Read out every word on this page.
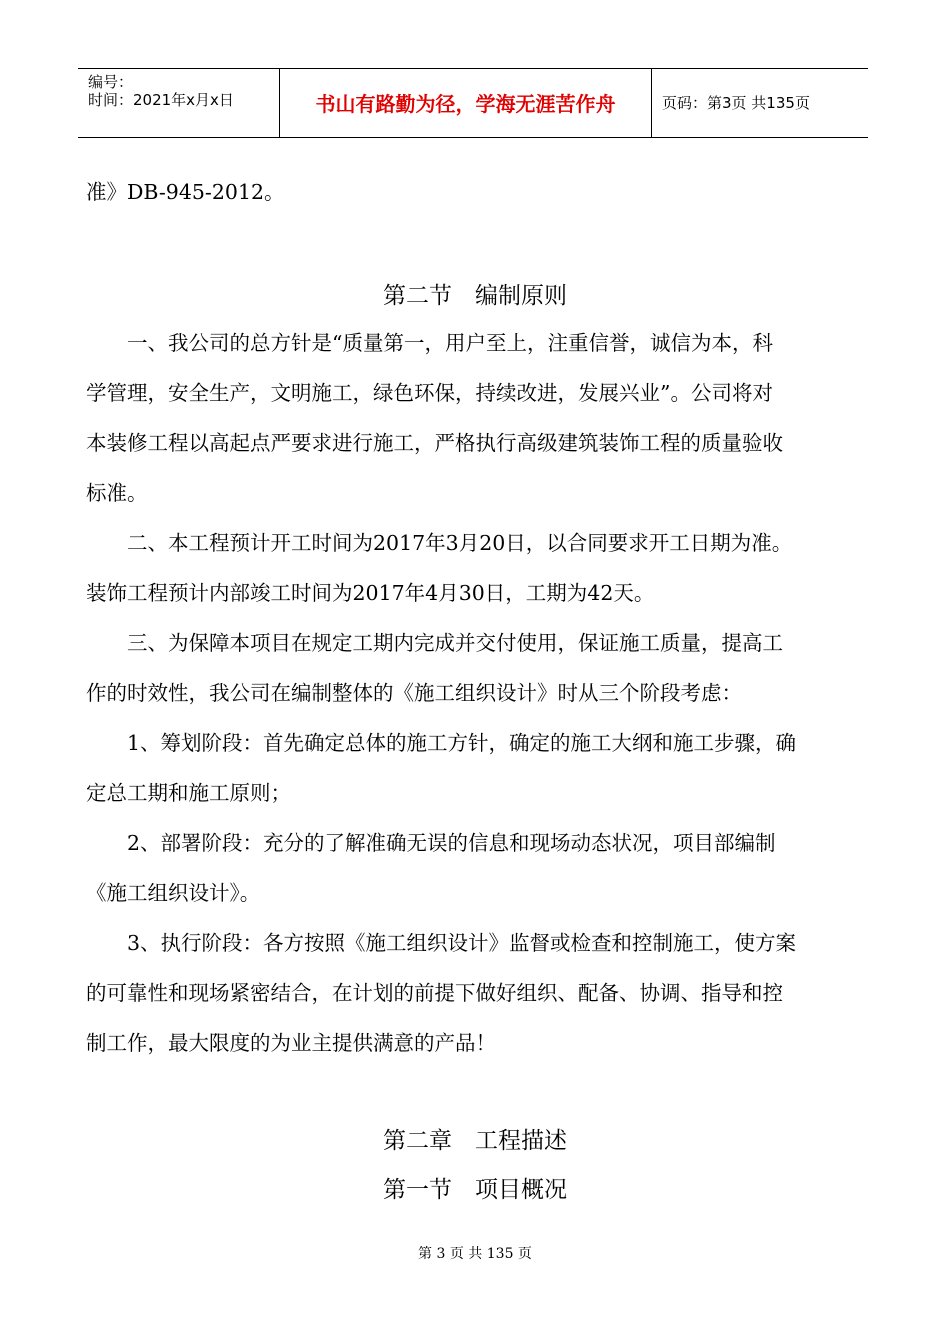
编号：
时间：2021年x月x日	书山有路勤为径，学海无涯苦作舟	页码：第3页 共135页
准》DB-945-2012。
第二节　编制原则
　　一、我公司的总方针是“质量第一，用户至上，注重信誉，诚信为本，科
学管理，安全生产，文明施工，绿色环保，持续改进，发展兴业”。公司将对
本装修工程以高起点严要求进行施工，严格执行高级建筑装饰工程的质量验收
标准。
　　二、本工程预计开工时间为2017年3月20日，以合同要求开工日期为准。
装饰工程预计内部竣工时间为2017年4月30日，工期为42天。
　　三、为保障本项目在规定工期内完成并交付使用，保证施工质量，提高工
作的时效性，我公司在编制整体的《施工组织设计》时从三个阶段考虑：
　　1、筹划阶段：首先确定总体的施工方针，确定的施工大纲和施工步骤，确
定总工期和施工原则；
　　2、部署阶段：充分的了解准确无误的信息和现场动态状况，项目部编制
《施工组织设计》。
　　3、执行阶段：各方按照《施工组织设计》监督或检查和控制施工，使方案
的可靠性和现场紧密结合，在计划的前提下做好组织、配备、协调、指导和控
制工作，最大限度的为业主提供满意的产品！
第二章　工程描述
第一节　项目概况
第 3 页 共 135 页
